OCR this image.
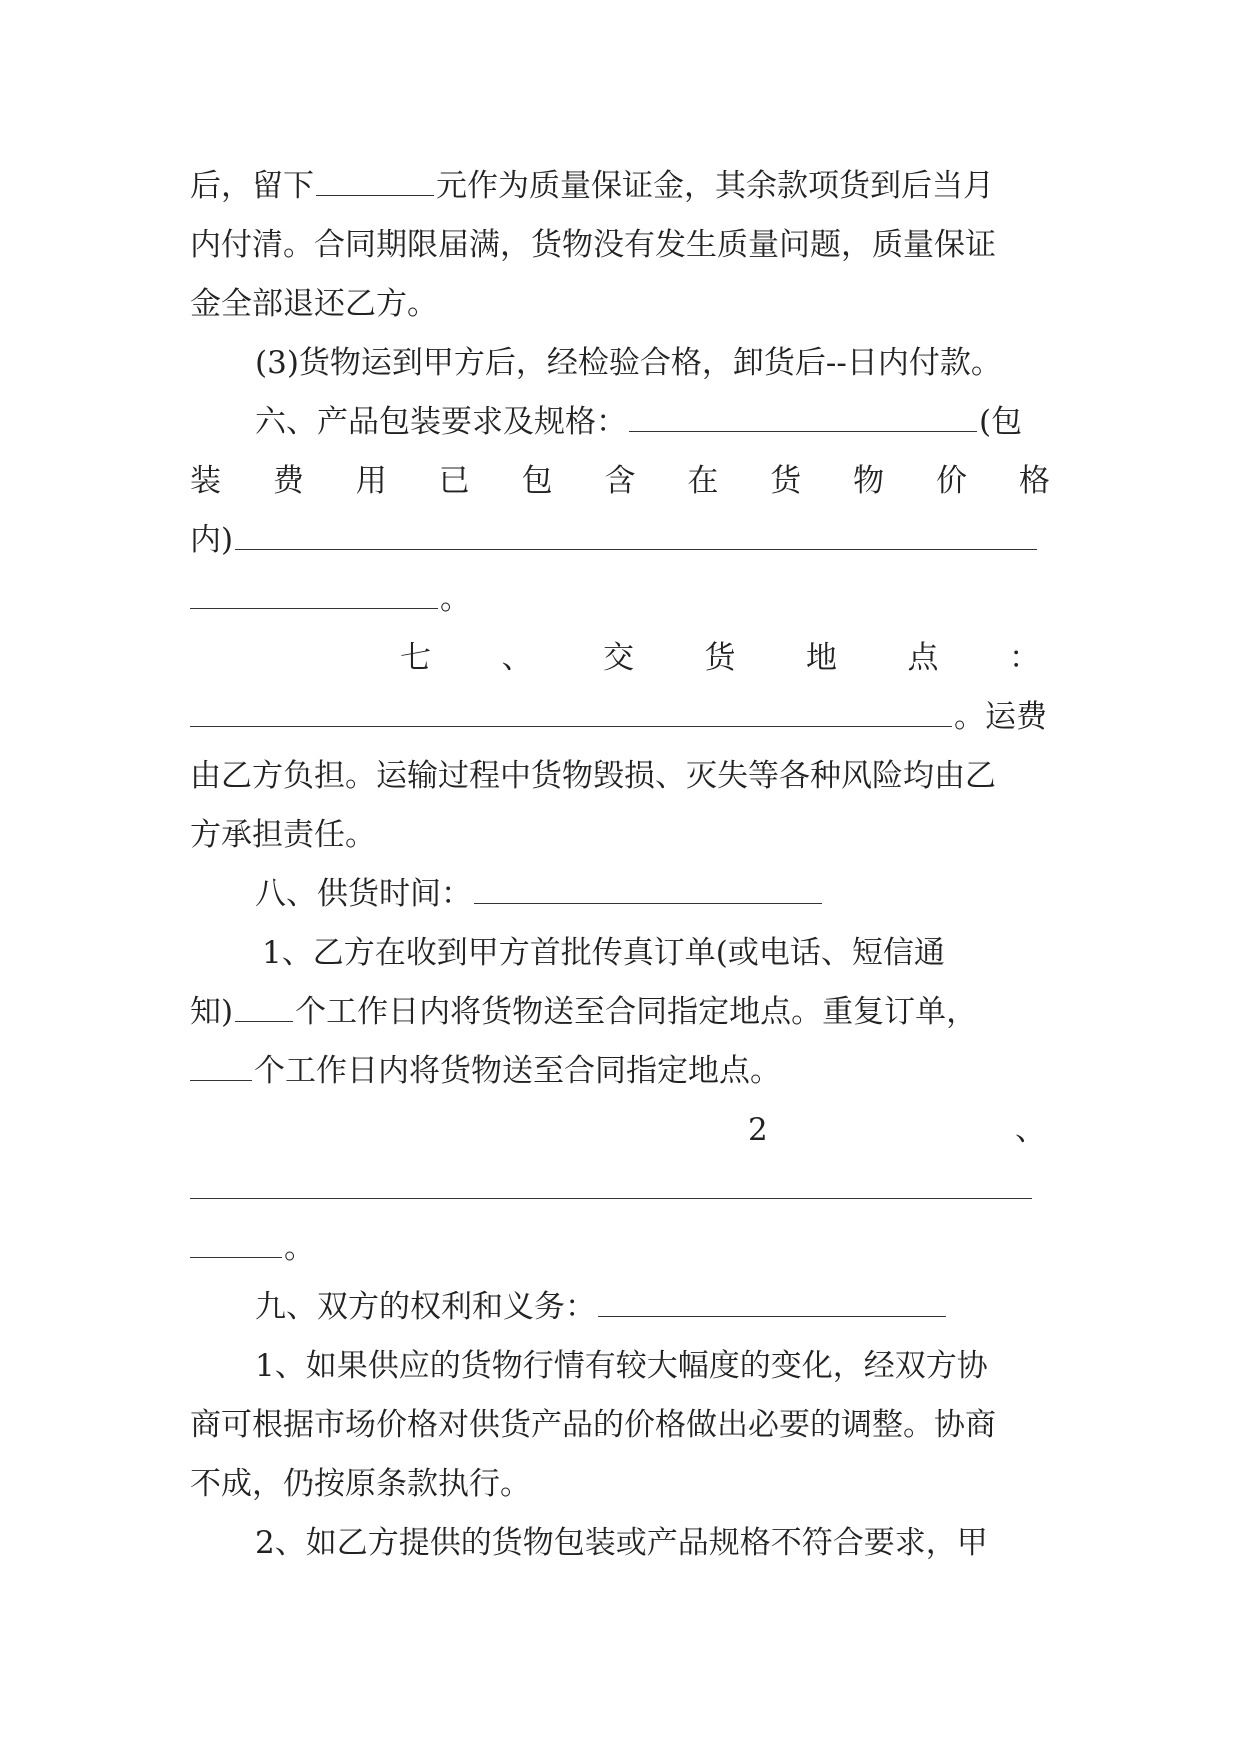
后，留下	元作为质量保证金，其余款项货到后当月
内付清。合同期限届满，货物没有发生质量问题，质量保证
金全部退还乙方。
(3)货物运到甲方后，经检验合格，卸货后--日内付款。
六、产品包装要求及规格：	(包
装 费 用 已 包 含 在 货 物 价 格
内)
。
七 、 交 货 地 点 ：
。运费
由乙方负担。运输过程中货物毁损、灭失等各种风险均由乙
方承担责任。
八、供货时间：
1、乙方在收到甲方首批传真订单(或电话、短信通
知) 个工作日内将货物送至合同指定地点。重复订单，
个工作日内将货物送至合同指定地点。
2	、
。
九、双方的权利和义务：
1、如果供应的货物行情有较大幅度的变化，经双方协
商可根据市场价格对供货产品的价格做出必要的调整。协商
不成，仍按原条款执行。
2、如乙方提供的货物包装或产品规格不符合要求，甲
